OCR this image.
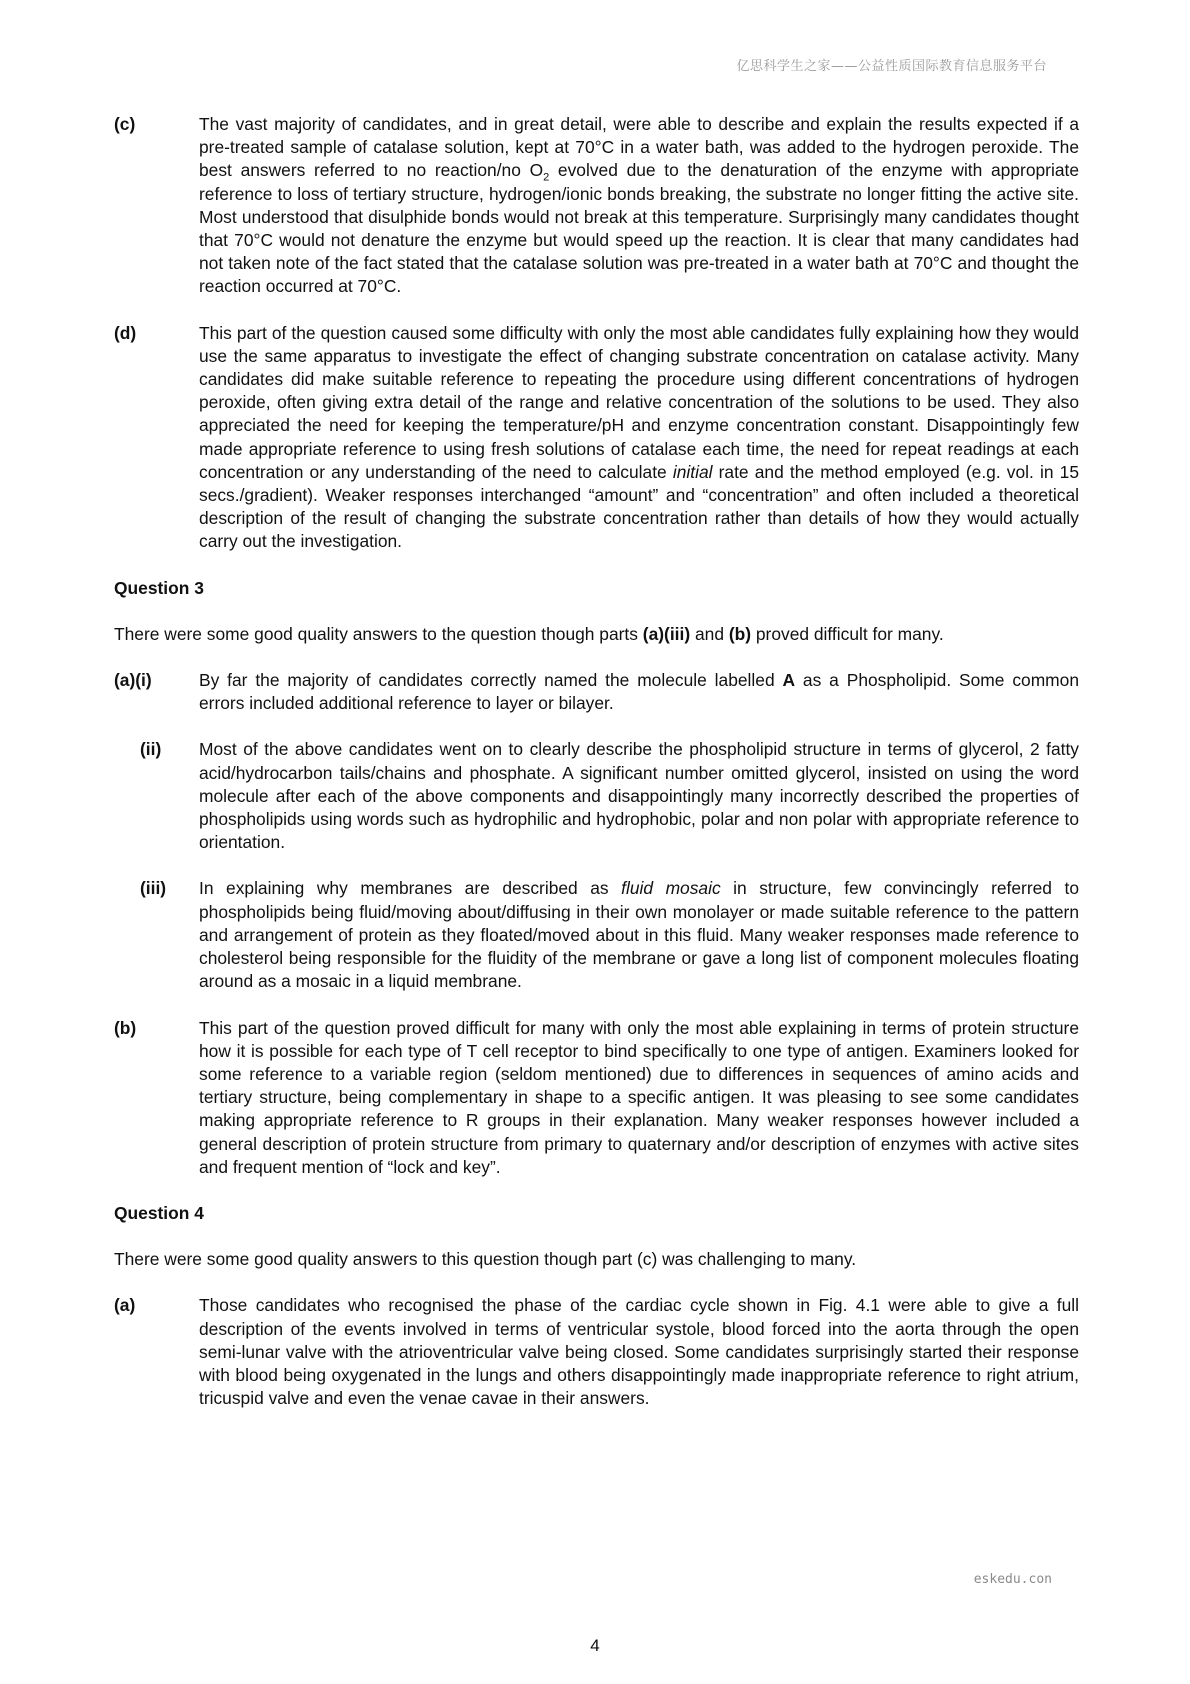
亿思科学生之家——公益性质国际教育信息服务平台
(c)	The vast majority of candidates, and in great detail, were able to describe and explain the results expected if a pre-treated sample of catalase solution, kept at 70°C in a water bath, was added to the hydrogen peroxide. The best answers referred to no reaction/no $O_2$ evolved due to the denaturation of the enzyme with appropriate reference to loss of tertiary structure, hydrogen/ionic bonds breaking, the substrate no longer fitting the active site. Most understood that disulphide bonds would not break at this temperature. Surprisingly many candidates thought that 70°C would not denature the enzyme but would speed up the reaction. It is clear that many candidates had not taken note of the fact stated that the catalase solution was pre-treated in a water bath at 70°C and thought the reaction occurred at 70°C.
(d)	This part of the question caused some difficulty with only the most able candidates fully explaining how they would use the same apparatus to investigate the effect of changing substrate concentration on catalase activity. Many candidates did make suitable reference to repeating the procedure using different concentrations of hydrogen peroxide, often giving extra detail of the range and relative concentration of the solutions to be used. They also appreciated the need for keeping the temperature/pH and enzyme concentration constant. Disappointingly few made appropriate reference to using fresh solutions of catalase each time, the need for repeat readings at each concentration or any understanding of the need to calculate initial rate and the method employed (e.g. vol. in 15 secs./gradient). Weaker responses interchanged “amount” and “concentration” and often included a theoretical description of the result of changing the substrate concentration rather than details of how they would actually carry out the investigation.
Question 3
There were some good quality answers to the question though parts (a)(iii) and (b) proved difficult for many.
(a)(i)	By far the majority of candidates correctly named the molecule labelled A as a Phospholipid. Some common errors included additional reference to layer or bilayer.
(ii)	Most of the above candidates went on to clearly describe the phospholipid structure in terms of glycerol, 2 fatty acid/hydrocarbon tails/chains and phosphate. A significant number omitted glycerol, insisted on using the word molecule after each of the above components and disappointingly many incorrectly described the properties of phospholipids using words such as hydrophilic and hydrophobic, polar and non polar with appropriate reference to orientation.
(iii)	In explaining why membranes are described as fluid mosaic in structure, few convincingly referred to phospholipids being fluid/moving about/diffusing in their own monolayer or made suitable reference to the pattern and arrangement of protein as they floated/moved about in this fluid. Many weaker responses made reference to cholesterol being responsible for the fluidity of the membrane or gave a long list of component molecules floating around as a mosaic in a liquid membrane.
(b)	This part of the question proved difficult for many with only the most able explaining in terms of protein structure how it is possible for each type of T cell receptor to bind specifically to one type of antigen. Examiners looked for some reference to a variable region (seldom mentioned) due to differences in sequences of amino acids and tertiary structure, being complementary in shape to a specific antigen. It was pleasing to see some candidates making appropriate reference to R groups in their explanation. Many weaker responses however included a general description of protein structure from primary to quaternary and/or description of enzymes with active sites and frequent mention of “lock and key”.
Question 4
There were some good quality answers to this question though part (c) was challenging to many.
(a)	Those candidates who recognised the phase of the cardiac cycle shown in Fig. 4.1 were able to give a full description of the events involved in terms of ventricular systole, blood forced into the aorta through the open semi-lunar valve with the atrioventricular valve being closed. Some candidates surprisingly started their response with blood being oxygenated in the lungs and others disappointingly made inappropriate reference to right atrium, tricuspid valve and even the venae cavae in their answers.
eskedu.con
4
